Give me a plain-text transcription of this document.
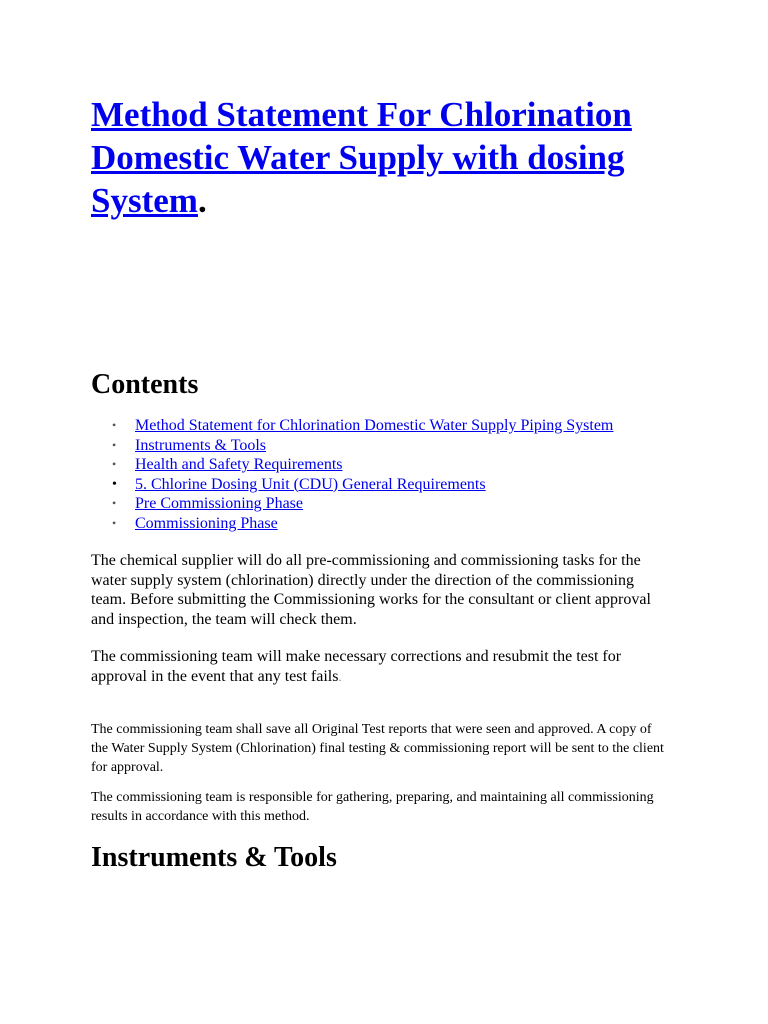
Method Statement For Chlorination Domestic Water Supply with dosing System.
Contents
•	Method Statement for Chlorination Domestic Water Supply Piping System
•	Instruments & Tools
•	Health and Safety Requirements
•	5. Chlorine Dosing Unit (CDU) General Requirements
•	Pre Commissioning Phase
•	Commissioning Phase

The chemical supplier will do all pre-commissioning and commissioning tasks for the water supply system (chlorination) directly under the direction of the commissioning team. Before submitting the Commissioning works for the consultant or client approval and inspection, the team will check them.

The commissioning team will make necessary corrections and resubmit the test for approval in the event that any test fails.

The commissioning team shall save all Original Test reports that were seen and approved. A copy of the Water Supply System (Chlorination) final testing & commissioning report will be sent to the client for approval.

The commissioning team is responsible for gathering, preparing, and maintaining all commissioning results in accordance with this method.

Instruments & Tools
